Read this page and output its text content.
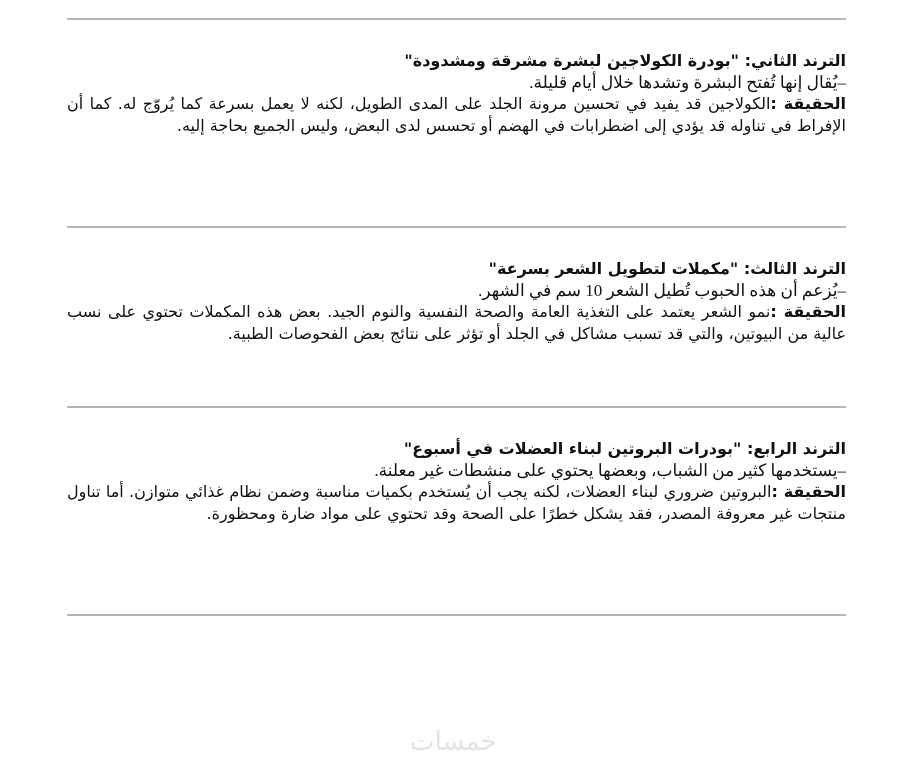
الترند الثاني: "بودرة الكولاجين لبشرة مشرقة ومشدودة"

–يُقال إنها تُفتح البشرة وتشدها خلال أيام قليلة.

الحقيقة :الكولاجين قد يفيد في تحسين مرونة الجلد على المدى الطويل، لكنه لا يعمل بسرعة كما يُروّج له. كما أن الإفراط في تناوله قد يؤدي إلى اضطرابات في الهضم أو تحسس لدى البعض، وليس الجميع بحاجة إليه.

الترند الثالث: "مكملات لتطويل الشعر بسرعة"

–يُزعم أن هذه الحبوب تُطيل الشعر 10 سم في الشهر.

الحقيقة :نمو الشعر يعتمد على التغذية العامة والصحة النفسية والنوم الجيد. بعض هذه المكملات تحتوي على نسب عالية من البيوتين، والتي قد تسبب مشاكل في الجلد أو تؤثر على نتائج بعض الفحوصات الطبية.

الترند الرابع: "بودرات البروتين لبناء العضلات في أسبوع"

–يستخدمها كثير من الشباب، وبعضها يحتوي على منشطات غير معلنة.

الحقيقة :البروتين ضروري لبناء العضلات، لكنه يجب أن يُستخدم بكميات مناسبة وضمن نظام غذائي متوازن. أما تناول منتجات غير معروفة المصدر، فقد يشكل خطرًا على الصحة وقد تحتوي على مواد ضارة ومحظورة.

خمسات
